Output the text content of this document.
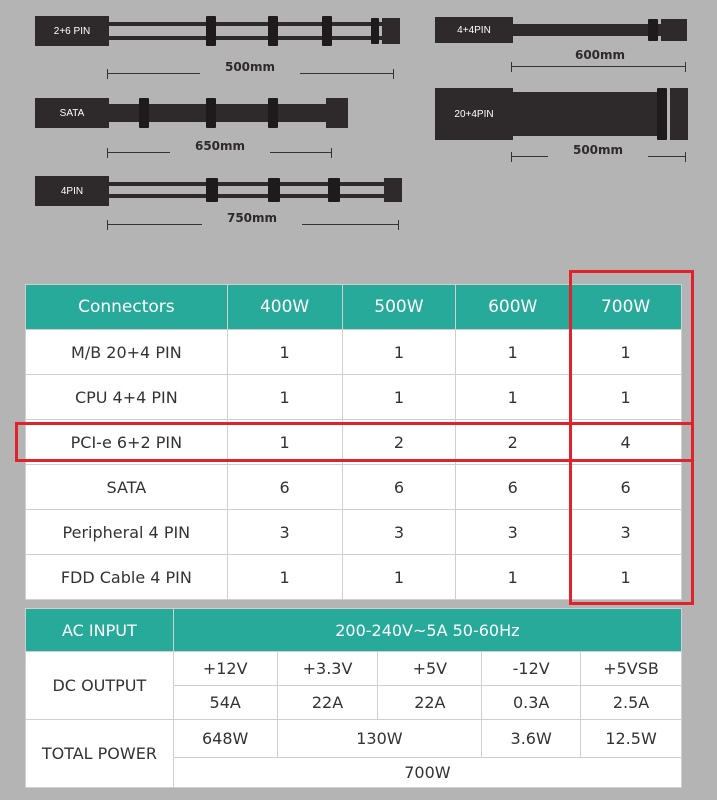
2+6 PIN
500mm
SATA
650mm
4PIN
750mm
4+4PIN
600mm
20+4PIN
500mm
Connectors	400W	500W	600W	700W
M/B 20+4 PIN	1	1	1	1
CPU 4+4 PIN	1	1	1	1
PCI-e 6+2 PIN	1	2	2	4
SATA	6	6	6	6
Peripheral 4 PIN	3	3	3	3
FDD Cable 4 PIN	1	1	1	1
AC INPUT	200-240V~5A 50-60Hz				
DC OUTPUT	+12V	+3.3V	+5V	-12V	+5VSB
	54A	22A	22A	0.3A	2.5A
TOTAL POWER	648W	130W		3.6W	12.5W
	700W				
